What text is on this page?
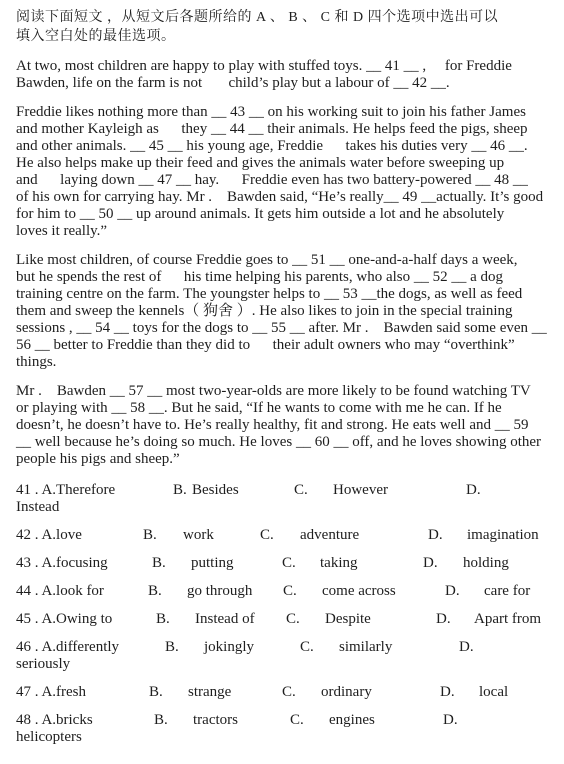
阅读下面短文 ，从短文后各题所给的 A 、 B 、 C 和 D 四个选项中选出可以
填入空白处的最佳选项。
At two, most children are happy to play with stuffed toys. __ 41 __ ,     for Freddie
Bawden, life on the farm is not       child’s play but a labour of __ 42 __.
Freddie likes nothing more than __ 43 __ on his working suit to join his father James
and mother Kayleigh as      they __ 44 __ their animals. He helps feed the pigs, sheep
and other animals. __ 45 __ his young age, Freddie      takes his duties very __ 46 __.
He also helps make up their feed and gives the animals water before sweeping up
and      laying down __ 47 __ hay.      Freddie even has two battery-powered __ 48 __
of his own for carrying hay. Mr .    Bawden said, “He’s really__ 49 __actually. It’s good
for him to __ 50 __ up around animals. It gets him outside a lot and he absolutely
loves it really.”
Like most children, of course Freddie goes to __ 51 __ one-and-a-half days a week,
but he spends the rest of      his time helping his parents, who also __ 52 __ a dog
training centre on the farm. The youngster helps to __ 53 __the dogs, as well as feed
them and sweep the kennels（ 狗舍 ）. He also likes to join in the special training
sessions , __ 54 __ toys for the dogs to __ 55 __ after. Mr .    Bawden said some even __
56 __ better to Freddie than they did to      their adult owners who may “overthink”
things.
Mr .    Bawden __ 57 __ most two-year-olds are more likely to be found watching TV
or playing with __ 58 __. But he said, “If he wants to come with me he can. If he
doesn’t, he doesn’t have to. He’s really healthy, fit and strong. He eats well and __ 59
__ well because he’s doing so much. He loves __ 60 __ off, and he loves showing other
people his pigs and sheep.”
41 . A.Therefore	B. Besides	C. However	D.
Instead
42 . A.love	B. work	C. adventure	D. imagination
43 . A.focusing	B. putting	C. taking	D. holding
44 . A.look for	B. go through C. come across	D. care for
45 . A.Owing to	B. Instead of C. Despite	D. Apart from
46 . A.differently	B. jokingly	C. similarly	D.
seriously
47 . A.fresh	B. strange	C. ordinary	D. local
48 . A.bricks	B. tractors	C. engines	D.
helicopters
